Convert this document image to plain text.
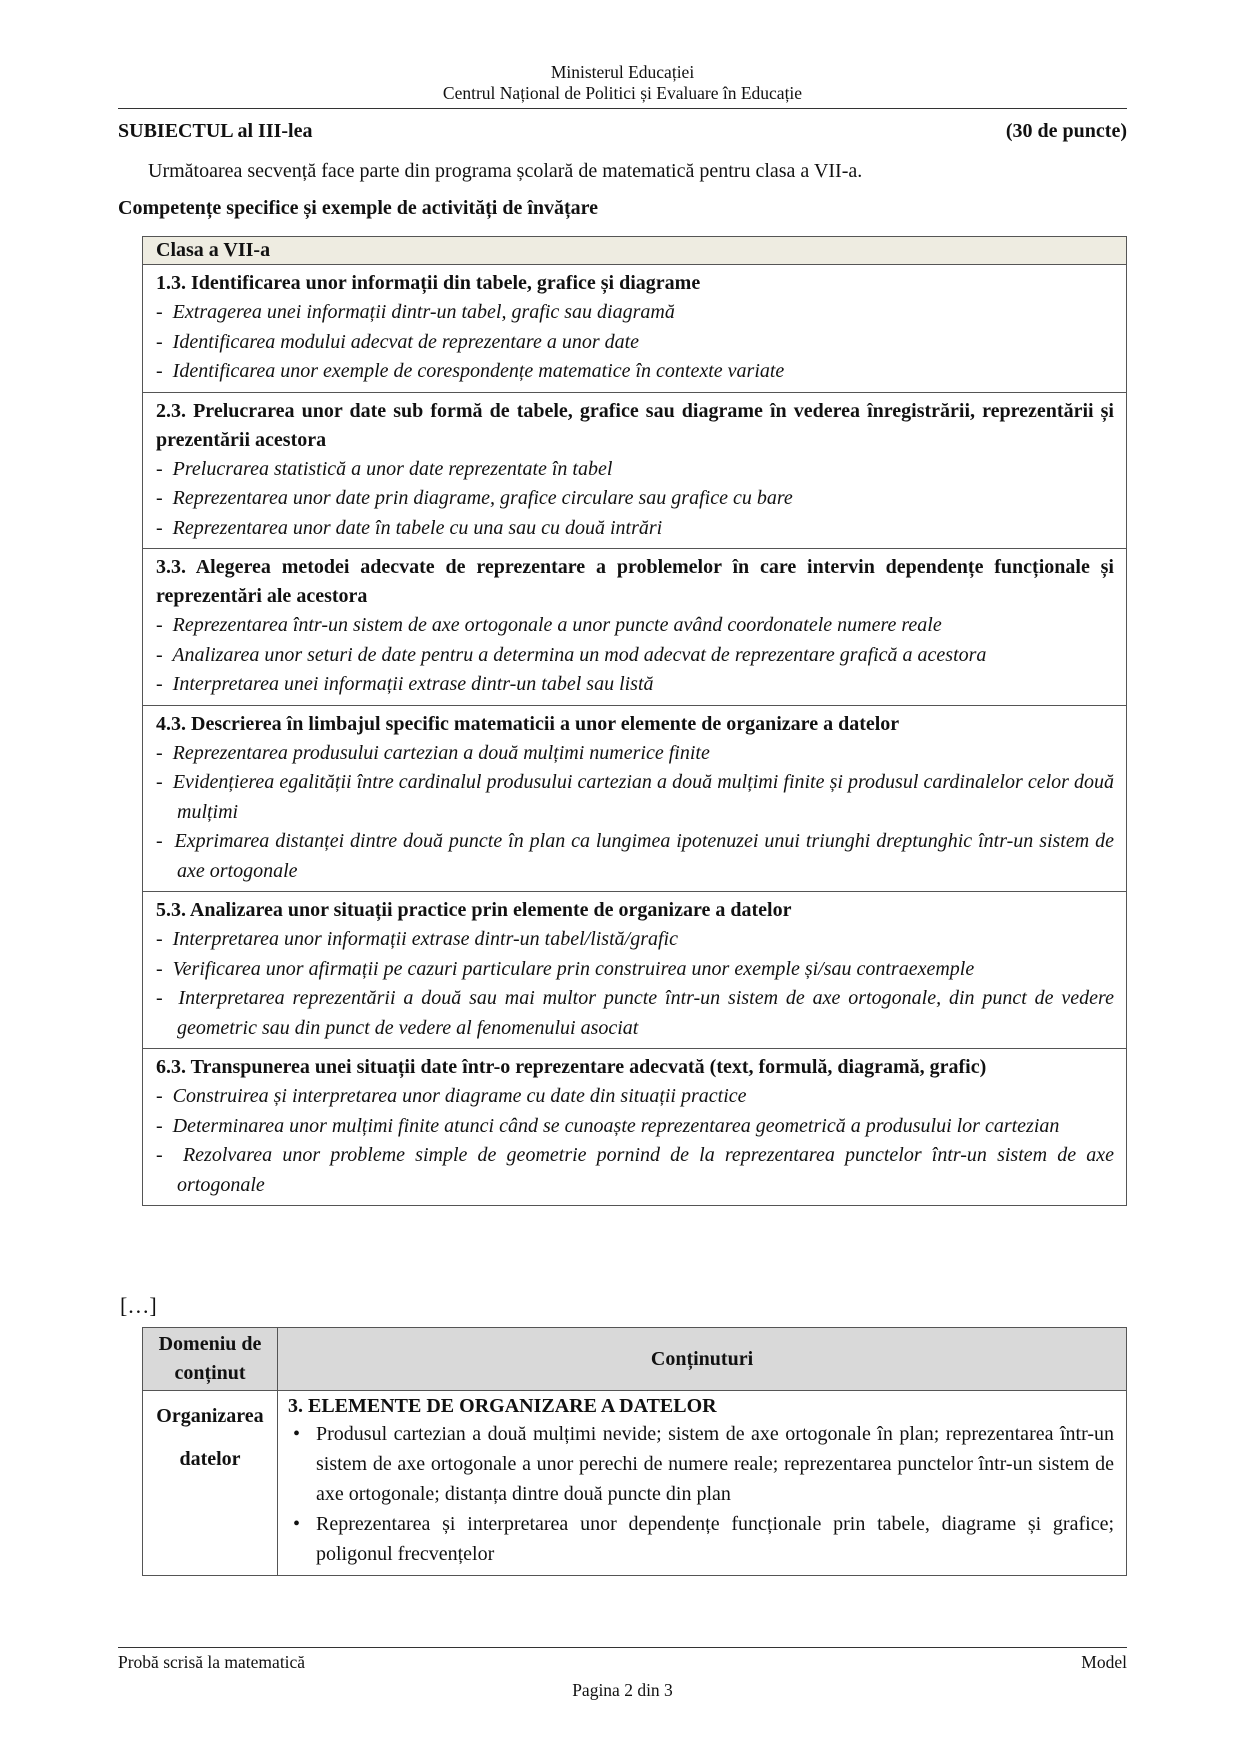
Ministerul Educației
Centrul Național de Politici și Evaluare în Educație
SUBIECTUL al III-lea	(30 de puncte)
Următoarea secvență face parte din programa școlară de matematică pentru clasa a VII-a.
Competențe specifice și exemple de activități de învățare
Clasa a VII-a

1.3. Identificarea unor informații din tabele, grafice și diagrame
-  Extragerea unei informații dintr-un tabel, grafic sau diagramă
-  Identificarea modului adecvat de reprezentare a unor date
-  Identificarea unor exemple de corespondențe matematice în contexte variate

2.3. Prelucrarea unor date sub formă de tabele, grafice sau diagrame în vederea înregistrării, reprezentării și prezentării acestora
-  Prelucrarea statistică a unor date reprezentate în tabel
-  Reprezentarea unor date prin diagrame, grafice circulare sau grafice cu bare
-  Reprezentarea unor date în tabele cu una sau cu două intrări

3.3. Alegerea metodei adecvate de reprezentare a problemelor în care intervin dependențe funcționale și reprezentări ale acestora
-  Reprezentarea într-un sistem de axe ortogonale a unor puncte având coordonatele numere reale
-  Analizarea unor seturi de date pentru a determina un mod adecvat de reprezentare grafică a acestora
-  Interpretarea unei informații extrase dintr-un tabel sau listă

4.3. Descrierea în limbajul specific matematicii a unor elemente de organizare a datelor
-  Reprezentarea produsului cartezian a două mulțimi numerice finite
-  Evidențierea egalității între cardinalul produsului cartezian a două mulțimi finite și produsul cardinalelor celor două mulțimi
-  Exprimarea distanței dintre două puncte în plan ca lungimea ipotenuzei unui triunghi dreptunghic într-un sistem de axe ortogonale

5.3. Analizarea unor situații practice prin elemente de organizare a datelor
-  Interpretarea unor informații extrase dintr-un tabel/listă/grafic
-  Verificarea unor afirmații pe cazuri particulare prin construirea unor exemple și/sau contraexemple
-  Interpretarea reprezentării a două sau mai multor puncte într-un sistem de axe ortogonale, din punct de vedere geometric sau din punct de vedere al fenomenului asociat

6.3. Transpunerea unei situații date într-o reprezentare adecvată (text, formulă, diagramă, grafic)
-  Construirea și interpretarea unor diagrame cu date din situații practice
-  Determinarea unor mulțimi finite atunci când se cunoaște reprezentarea geometrică a produsului lor cartezian
-  Rezolvarea unor probleme simple de geometrie pornind de la reprezentarea punctelor într-un sistem de axe ortogonale
[…]
Domeniu de conținut	Conținuturi
Organizarea datelor	3. ELEMENTE DE ORGANIZARE A DATELOR
• Produsul cartezian a două mulțimi nevide; sistem de axe ortogonale în plan; reprezentarea într-un sistem de axe ortogonale a unor perechi de numere reale; reprezentarea punctelor într-un sistem de axe ortogonale; distanța dintre două puncte din plan
• Reprezentarea și interpretarea unor dependențe funcționale prin tabele, diagrame și grafice; poligonul frecvențelor
Probă scrisă la matematică	Model
Pagina 2 din 3
